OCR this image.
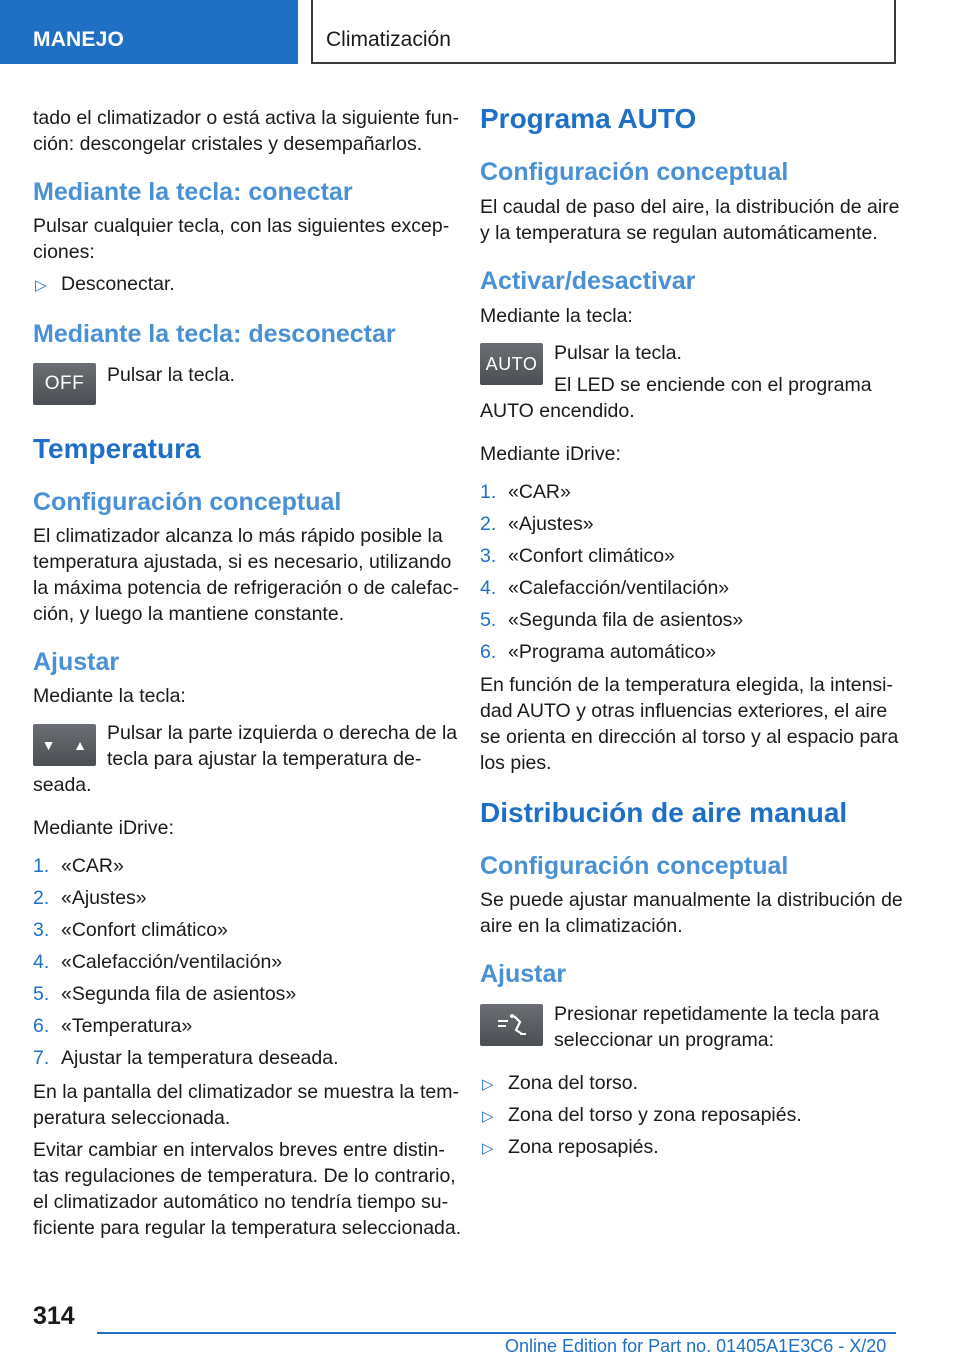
MANEJO	Climatización
tado el climatizador o está activa la siguiente fun-
ción: descongelar cristales y desempañarlos.
Mediante la tecla: conectar
Pulsar cualquier tecla, con las siguientes excep-
ciones:
▷ Desconectar.
Mediante la tecla: desconectar
OFF	Pulsar la tecla.
Temperatura
Configuración conceptual
El climatizador alcanza lo más rápido posible la
temperatura ajustada, si es necesario, utilizando
la máxima potencia de refrigeración o de calefac-
ción, y luego la mantiene constante.
Ajustar
Mediante la tecla:
▼ ▲
Pulsar la parte izquierda o derecha de la
tecla para ajustar la temperatura de-
seada.
Mediante iDrive:
1. «CAR»
2. «Ajustes»
3. «Confort climático»
4. «Calefacción/ventilación»
5. «Segunda fila de asientos»
6. «Temperatura»
7. Ajustar la temperatura deseada.
En la pantalla del climatizador se muestra la tem-
peratura seleccionada.
Evitar cambiar en intervalos breves entre distin-
tas regulaciones de temperatura. De lo contrario,
el climatizador automático no tendría tiempo su-
ficiente para regular la temperatura seleccionada.
Programa AUTO
Configuración conceptual
El caudal de paso del aire, la distribución de aire
y la temperatura se regulan automáticamente.
Activar/desactivar
Mediante la tecla:
AUTO Pulsar la tecla.
El LED se enciende con el programa
AUTO encendido.
Mediante iDrive:
1. «CAR»
2. «Ajustes»
3. «Confort climático»
4. «Calefacción/ventilación»
5. «Segunda fila de asientos»
6. «Programa automático»
En función de la temperatura elegida, la intensi-
dad AUTO y otras influencias exteriores, el aire
se orienta en dirección al torso y al espacio para
los pies.
Distribución de aire manual
Configuración conceptual
Se puede ajustar manualmente la distribución de
aire en la climatización.
Ajustar
Presionar repetidamente la tecla para
seleccionar un programa:
▷ Zona del torso.
▷ Zona del torso y zona reposapiés.
▷ Zona reposapiés.
314
Online Edition for Part no. 01405A1E3C6 - X/20
